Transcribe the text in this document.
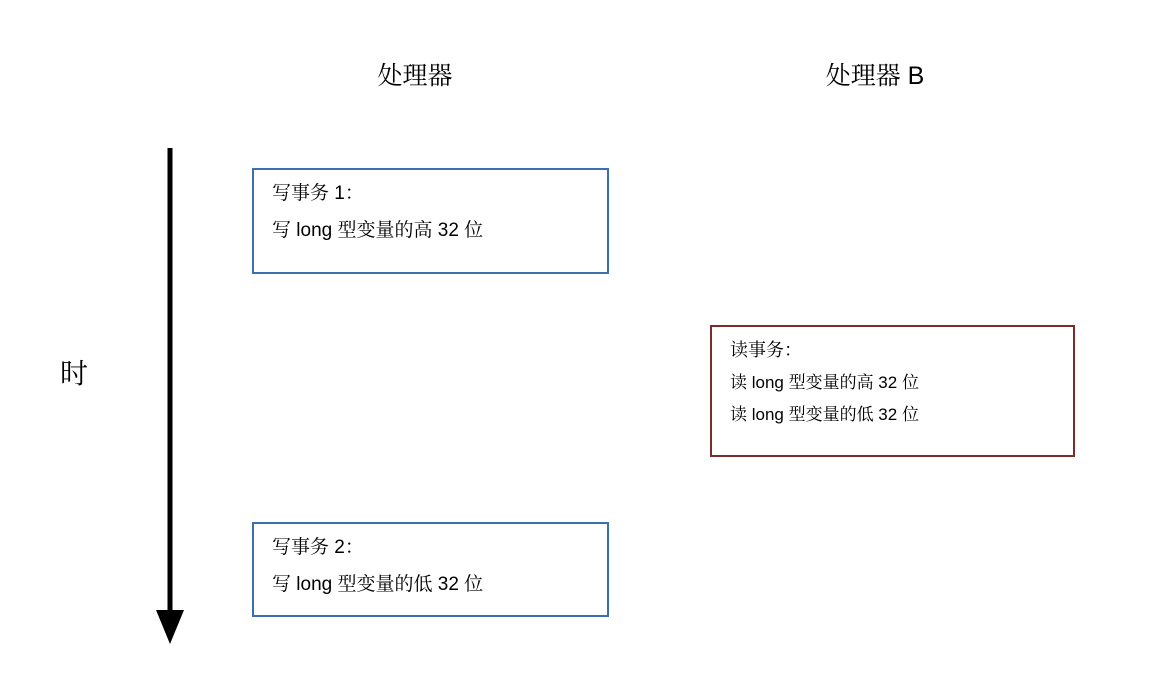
处理器	处理器 B
时
写事务 1：
写 long 型变量的高 32 位
读事务：
读 long 型变量的高 32 位
读 long 型变量的低 32 位
写事务 2：
写 long 型变量的低 32 位
